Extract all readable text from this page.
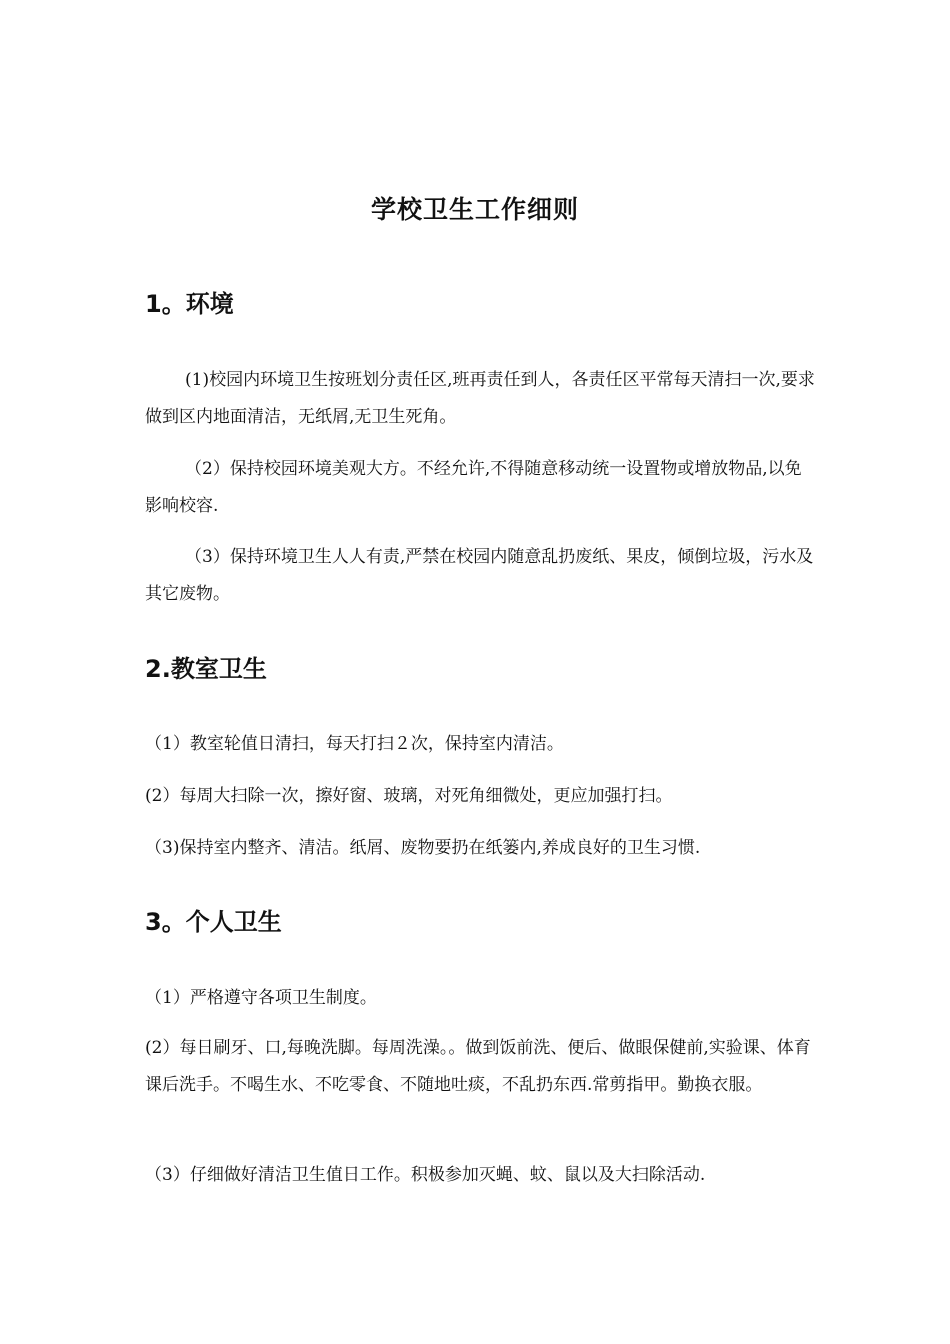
学校卫生工作细则
1。环境

(1)校园内环境卫生按班划分责任区,班再责任到人，各责任区平常每天清扫一次,要求做到区内地面清洁，无纸屑,无卫生死角。

（2）保持校园环境美观大方。不经允许,不得随意移动统一设置物或增放物品,以免影响校容.

（3）保持环境卫生人人有责,严禁在校园内随意乱扔废纸、果皮，倾倒垃圾，污水及其它废物。

2.教室卫生

（1）教室轮值日清扫，每天打扫２次，保持室内清洁。

(2）每周大扫除一次，擦好窗、玻璃，对死角细微处，更应加强打扫。

（3)保持室内整齐、清洁。纸屑、废物要扔在纸篓内,养成良好的卫生习惯.

3。个人卫生

（1）严格遵守各项卫生制度。

(2）每日刷牙、口,每晚洗脚。每周洗澡。。做到饭前洗、便后、做眼保健前,实验课、体育课后洗手。不喝生水、不吃零食、不随地吐痰，不乱扔东西.常剪指甲。勤换衣服。

（3）仔细做好清洁卫生值日工作。积极参加灭蝇、蚊、鼠以及大扫除活动.
